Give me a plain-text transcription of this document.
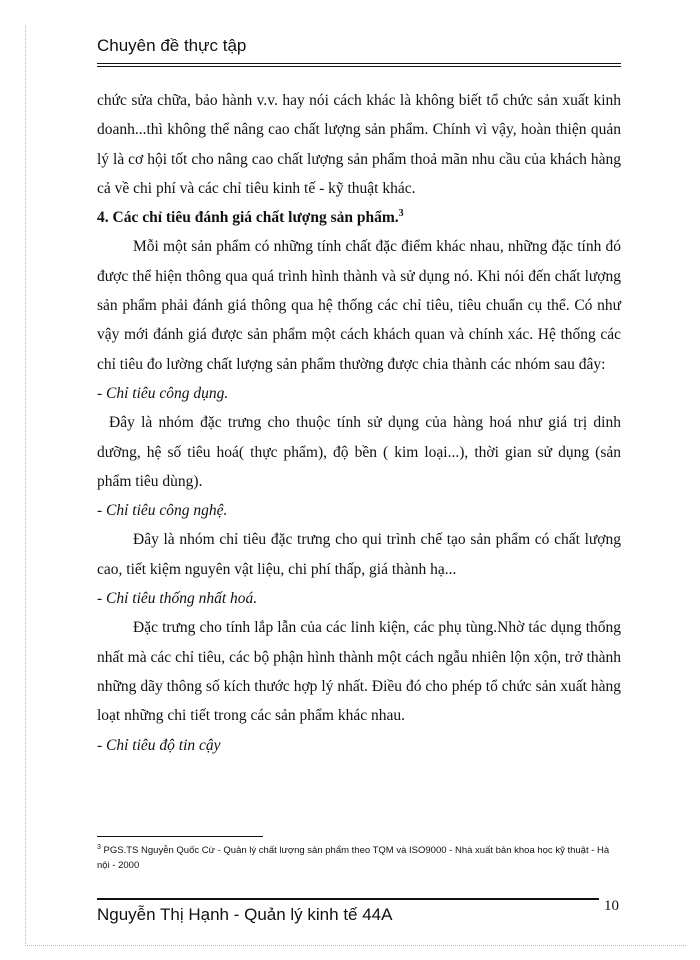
Chuyên đề thực tập

chức sửa chữa, bảo hành v.v. hay nói cách khác là không biết tổ chức sản xuất kinh doanh...thì không thể nâng cao chất lượng sản phẩm. Chính vì vậy, hoàn thiện quản lý là cơ hội tốt cho nâng cao chất lượng sản phẩm thoả mãn nhu cầu của khách hàng cả về chi phí và các chỉ tiêu kinh tế - kỹ thuật khác.

4. Các chỉ tiêu đánh giá chất lượng sản phẩm.$^3$

Mỗi một sản phẩm có những tính chất đặc điểm khác nhau, những đặc tính đó được thể hiện thông qua quá trình hình thành và sử dụng nó. Khi nói đến chất lượng sản phẩm phải đánh giá thông qua hệ thống các chỉ tiêu, tiêu chuẩn cụ thể. Có như vậy mới đánh giá được sản phẩm một cách khách quan và chính xác. Hệ thống các chỉ tiêu đo lường chất lượng sản phẩm thường được chia thành các nhóm sau đây:

- Chỉ tiêu công dụng.

Đây là nhóm đặc trưng cho thuộc tính sử dụng của hàng hoá như giá trị dinh dưỡng, hệ số tiêu hoá( thực phẩm), độ bền ( kim loại...), thời gian sử dụng (sản phẩm tiêu dùng).

- Chỉ tiêu công nghệ.

Đây là nhóm chỉ tiêu đặc trưng cho qui trình chế tạo sản phẩm có chất lượng cao, tiết kiệm nguyên vật liệu, chi phí thấp, giá thành hạ...

- Chỉ tiêu thống nhất hoá.

Đặc trưng cho tính lắp lẫn của các linh kiện, các phụ tùng.Nhờ tác dụng thống nhất mà các chỉ tiêu, các bộ phận hình thành một cách ngẫu nhiên lộn xộn, trở thành những dãy thông số kích thước hợp lý nhất. Điều đó cho phép tổ chức sản xuất hàng loạt những chi tiết trong các sản phẩm khác nhau.

- Chỉ tiêu độ tin cậy

$^3$ PGS.TS Nguyễn Quốc Cừ - Quản lý chất lượng sản phẩm theo TQM và ISO9000 - Nhà xuất bản khoa học kỹ thuật - Hà nội - 2000
Nguyễn Thị Hạnh - Quản lý kinh tế 44A	10
